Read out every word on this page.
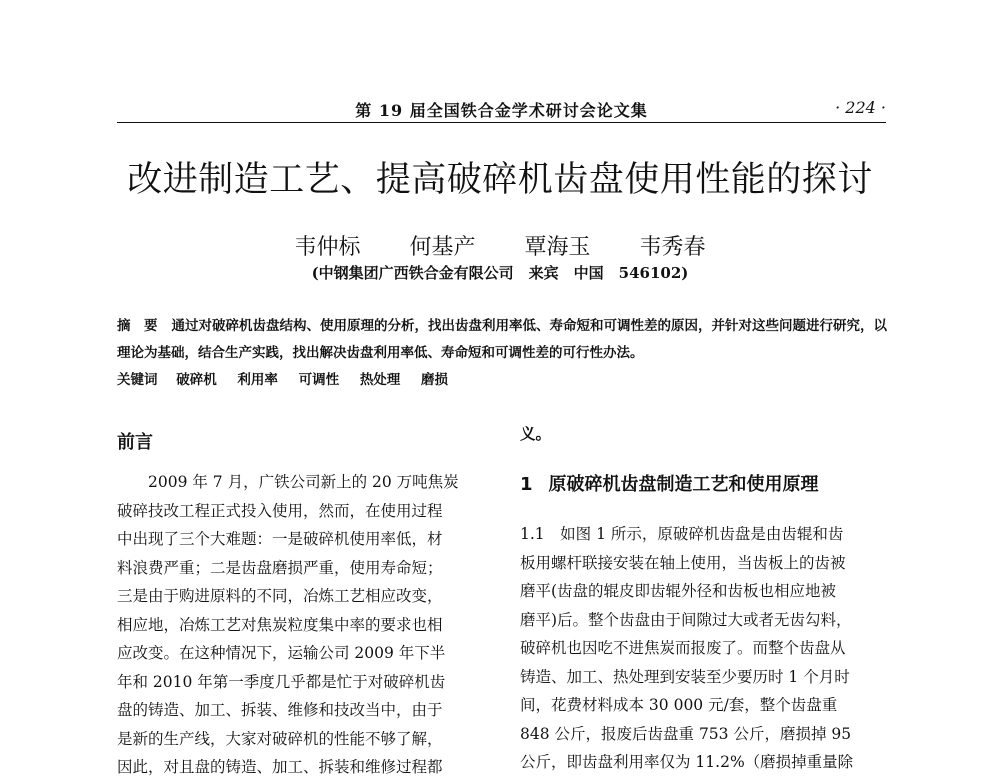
第 19 届全国铁合金学术研讨会论文集	· 224 ·
改进制造工艺、提高破碎机齿盘使用性能的探讨
韦仲标 何基产 覃海玉 韦秀春
(中钢集团广西铁合金有限公司　来宾　中国　546102)
摘　要 通过对破碎机齿盘结构、使用原理的分析，找出齿盘利用率低、寿命短和可调性差的原因，并针对这些问题进行研究，以理论为基础，结合生产实践，找出解决齿盘利用率低、寿命短和可调性差的可行性办法。
关键词 破碎机 利用率 可调性 热处理 磨损
前言
　　2009 年 7 月，广铁公司新上的 20 万吨焦炭
破碎技改工程正式投入使用，然而，在使用过程
中出现了三个大难题：一是破碎机使用率低，材
料浪费严重；二是齿盘磨损严重，使用寿命短；
三是由于购进原料的不同，冶炼工艺相应改变，
相应地，冶炼工艺对焦炭粒度集中率的要求也相
应改变。在这种情况下，运输公司 2009 年下半
年和 2010 年第一季度几乎都是忙于对破碎机齿
盘的铸造、加工、拆装、维修和技改当中，由于
是新的生产线，大家对破碎机的性能不够了解，
因此，对且盘的铸造、加工、拆装和维修过程都
义。
1 原破碎机齿盘制造工艺和使用原理
1.1　如图 1 所示，原破碎机齿盘是由齿辊和齿
板用螺杆联接安装在轴上使用，当齿板上的齿被
磨平(齿盘的辊皮即齿辊外径和齿板也相应地被
磨平)后。整个齿盘由于间隙过大或者无齿勾料，
破碎机也因吃不进焦炭而报废了。而整个齿盘从
铸造、加工、热处理到安装至少要历时 1 个月时
间，花费材料成本 30 000 元/套，整个齿盘重
848 公斤，报废后齿盘重 753 公斤，磨损掉 95
公斤，即齿盘利用率仅为 11.2%（磨损掉重量除
